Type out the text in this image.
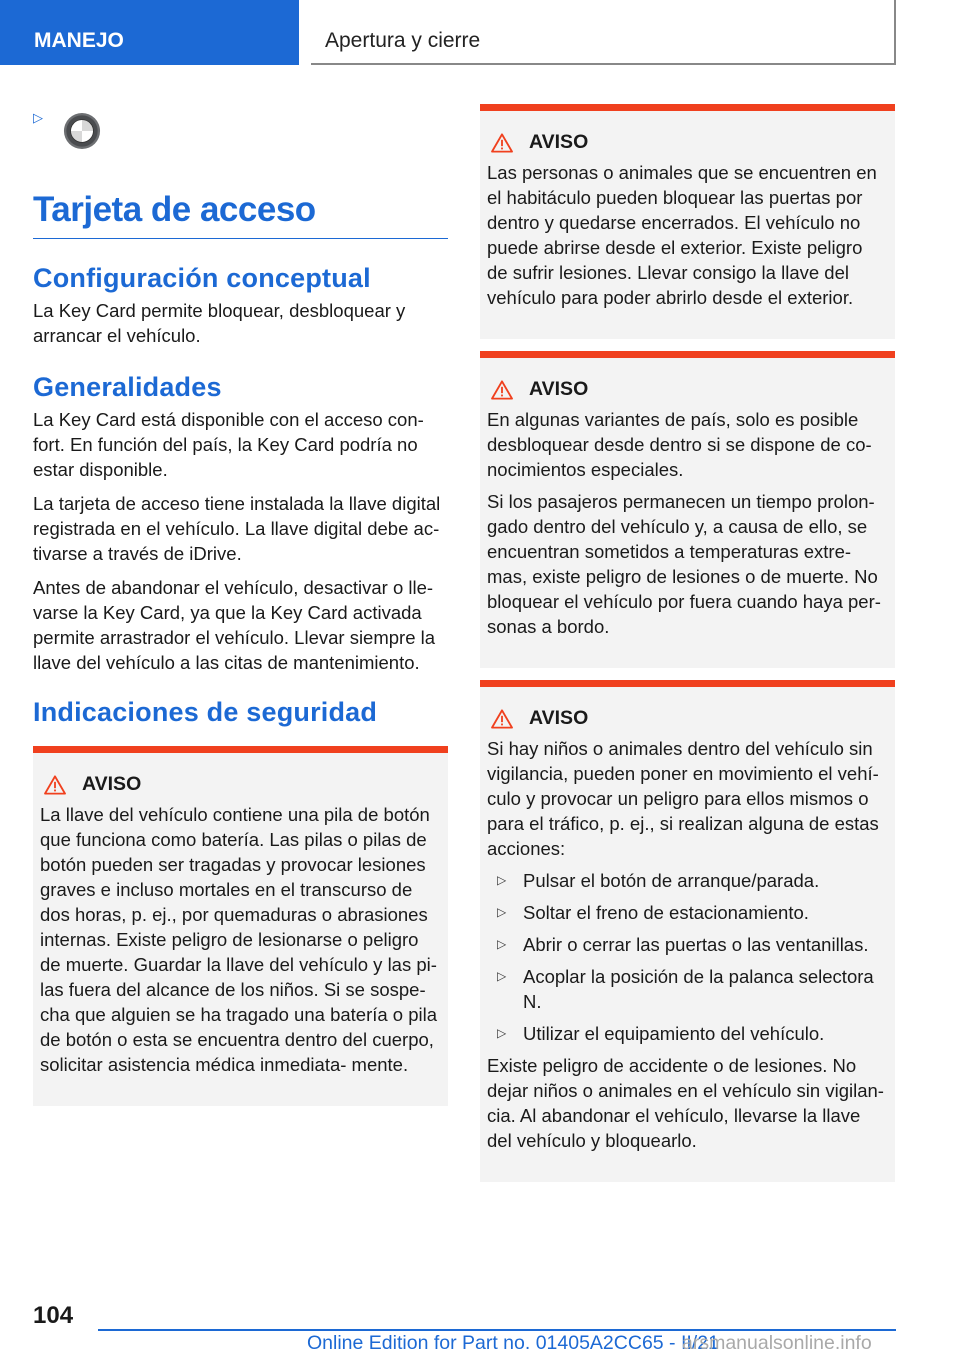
MANEJO	Apertura y cierre
▷
Tarjeta de acceso
Configuración conceptual

La Key Card permite bloquear, desbloquear y arrancar el vehículo.

Generalidades

La Key Card está disponible con el acceso con- fort. En función del país, la Key Card podría no estar disponible.

La tarjeta de acceso tiene instalada la llave digital registrada en el vehículo. La llave digital debe ac- tivarse a través de iDrive.

Antes de abandonar el vehículo, desactivar o lle- varse la Key Card, ya que la Key Card activada permite arrastrador el vehículo. Llevar siempre la llave del vehículo a las citas de mantenimiento.

Indicaciones de seguridad
AVISO

La llave del vehículo contiene una pila de botón que funciona como batería. Las pilas o pilas de botón pueden ser tragadas y provocar lesiones graves e incluso mortales en el transcurso de dos horas, p. ej., por quemaduras o abrasiones internas. Existe peligro de lesionarse o peligro de muerte. Guardar la llave del vehículo y las pi- las fuera del alcance de los niños. Si se sospe- cha que alguien se ha tragado una batería o pila de botón o esta se encuentra dentro del cuerpo, solicitar asistencia médica inmediata- mente.

AVISO

Las personas o animales que se encuentren en el habitáculo pueden bloquear las puertas por dentro y quedarse encerrados. El vehículo no puede abrirse desde el exterior. Existe peligro de sufrir lesiones. Llevar consigo la llave del vehículo para poder abrirlo desde el exterior.

AVISO

En algunas variantes de país, solo es posible desbloquear desde dentro si se dispone de co- nocimientos especiales.

Si los pasajeros permanecen un tiempo prolon- gado dentro del vehículo y, a causa de ello, se encuentran sometidos a temperaturas extre- mas, existe peligro de lesiones o de muerte. No bloquear el vehículo por fuera cuando haya per- sonas a bordo.

AVISO

Si hay niños o animales dentro del vehículo sin vigilancia, pueden poner en movimiento el vehí- culo y provocar un peligro para ellos mismos o para el tráfico, p. ej., si realizan alguna de estas acciones:

▷ Pulsar el botón de arranque/parada.
▷ Soltar el freno de estacionamiento.
▷ Abrir o cerrar las puertas o las ventanillas.
▷ Acoplar la posición de la palanca selectora N.
▷ Utilizar el equipamiento del vehículo.

Existe peligro de accidente o de lesiones. No dejar niños o animales en el vehículo sin vigilan- cia. Al abandonar el vehículo, llevarse la llave del vehículo y bloquearlo.

104
Online Edition for Part no. 01405A2CC65 - II/21
arsmanualsonline.info
